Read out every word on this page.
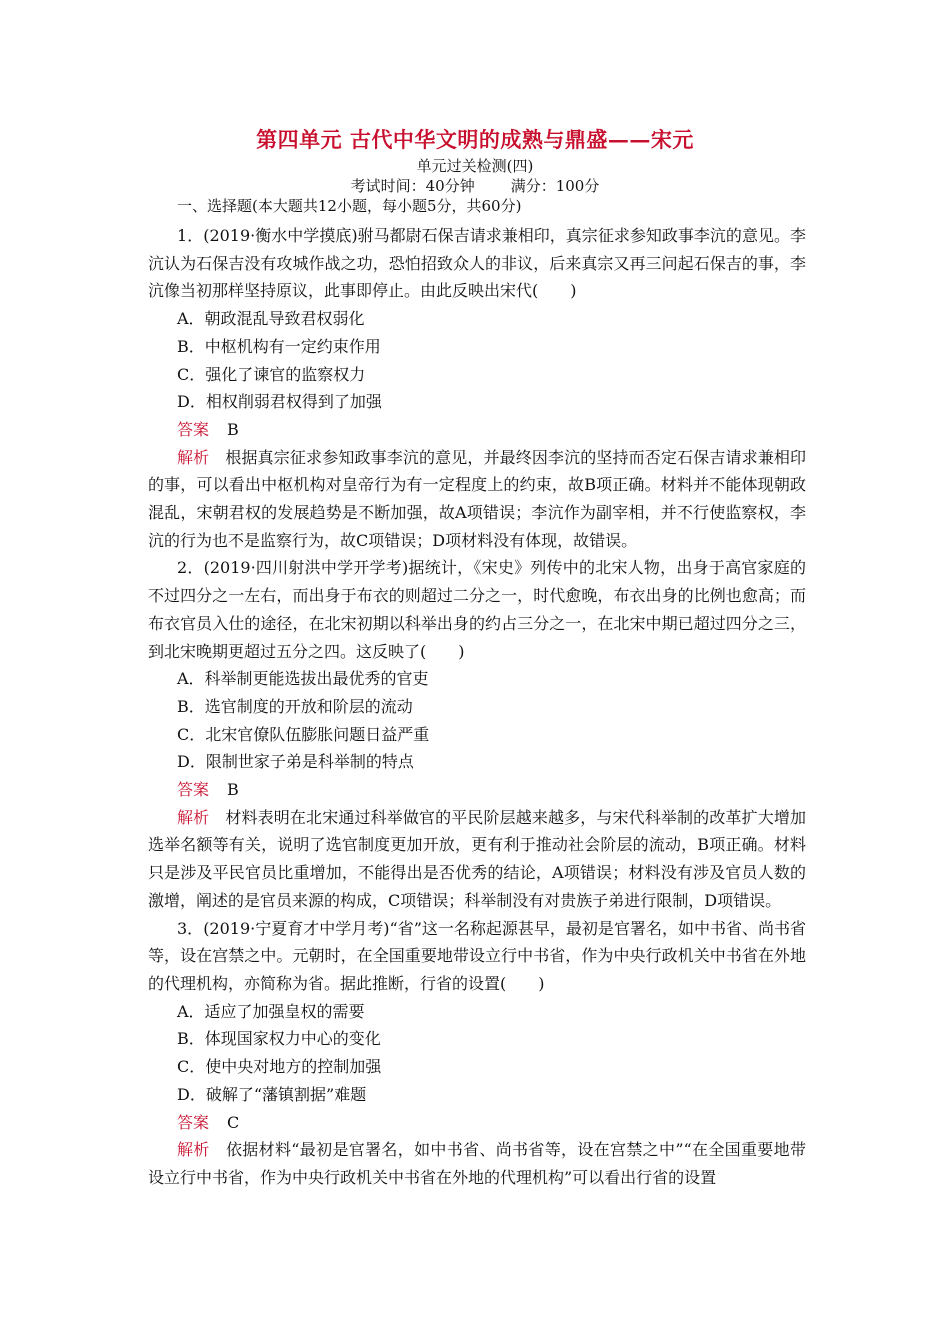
第四单元 古代中华文明的成熟与鼎盛——宋元
单元过关检测(四)
考试时间：40分钟 满分：100分
一、选择题(本大题共12小题，每小题5分，共60分)

1．(2019·衡水中学摸底)驸马都尉石保吉请求兼相印，真宗征求参知政事李沆的意见。李沆认为石保吉没有攻城作战之功，恐怕招致众人的非议，后来真宗又再三问起石保吉的事，李沆像当初那样坚持原议，此事即停止。由此反映出宋代(　　)

A．朝政混乱导致君权弱化

B．中枢机构有一定约束作用

C．强化了谏官的监察权力

D．相权削弱君权得到了加强

答案 B

解析　 根据真宗征求参知政事李沆的意见，并最终因李沆的坚持而否定石保吉请求兼相印的事，可以看出中枢机构对皇帝行为有一定程度上的约束，故B项正确。材料并不能体现朝政混乱，宋朝君权的发展趋势是不断加强，故A项错误；李沆作为副宰相，并不行使监察权，李沆的行为也不是监察行为，故C项错误；D项材料没有体现，故错误。

2．(2019·四川射洪中学开学考)据统计，《宋史》列传中的北宋人物，出身于高官家庭的不过四分之一左右，而出身于布衣的则超过二分之一，时代愈晚，布衣出身的比例也愈高；而布衣官员入仕的途径，在北宋初期以科举出身的约占三分之一，在北宋中期已超过四分之三，到北宋晚期更超过五分之四。这反映了(　　)

A．科举制更能选拔出最优秀的官吏

B．选官制度的开放和阶层的流动

C．北宋官僚队伍膨胀问题日益严重

D．限制世家子弟是科举制的特点

答案 B

解析　 材料表明在北宋通过科举做官的平民阶层越来越多，与宋代科举制的改革扩大增加选举名额等有关，说明了选官制度更加开放，更有利于推动社会阶层的流动，B项正确。材料只是涉及平民官员比重增加，不能得出是否优秀的结论，A项错误；材料没有涉及官员人数的激增，阐述的是官员来源的构成，C项错误；科举制没有对贵族子弟进行限制，D项错误。

3．(2019·宁夏育才中学月考)“省”这一名称起源甚早，最初是官署名，如中书省、尚书省等，设在宫禁之中。元朝时，在全国重要地带设立行中书省，作为中央行政机关中书省在外地的代理机构，亦简称为省。据此推断，行省的设置(　　)

A．适应了加强皇权的需要

B．体现国家权力中心的变化

C．使中央对地方的控制加强

D．破解了“藩镇割据”难题

答案 C

解析　 依据材料“最初是官署名，如中书省、尚书省等，设在宫禁之中”“在全国重要地带设立行中书省，作为中央行政机关中书省在外地的代理机构”可以看出行省的设置
